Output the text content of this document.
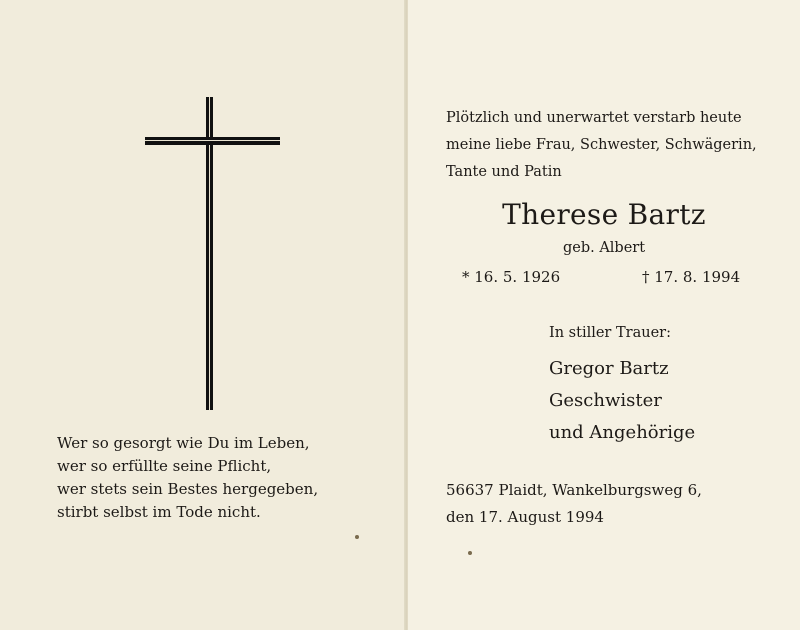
Wer so gesorgt wie Du im Leben,
wer so erfüllte seine Pflicht,
wer stets sein Bestes hergegeben,
stirbt selbst im Tode nicht.
Plötzlich und unerwartet verstarb heute
meine liebe Frau, Schwester, Schwägerin,
Tante und Patin
Therese Bartz
geb. Albert
* 16. 5. 1926	† 17. 8. 1994
In stiller Trauer:
Gregor Bartz
Geschwister
und Angehörige
56637 Plaidt, Wankelburgsweg 6,
den 17. August 1994
